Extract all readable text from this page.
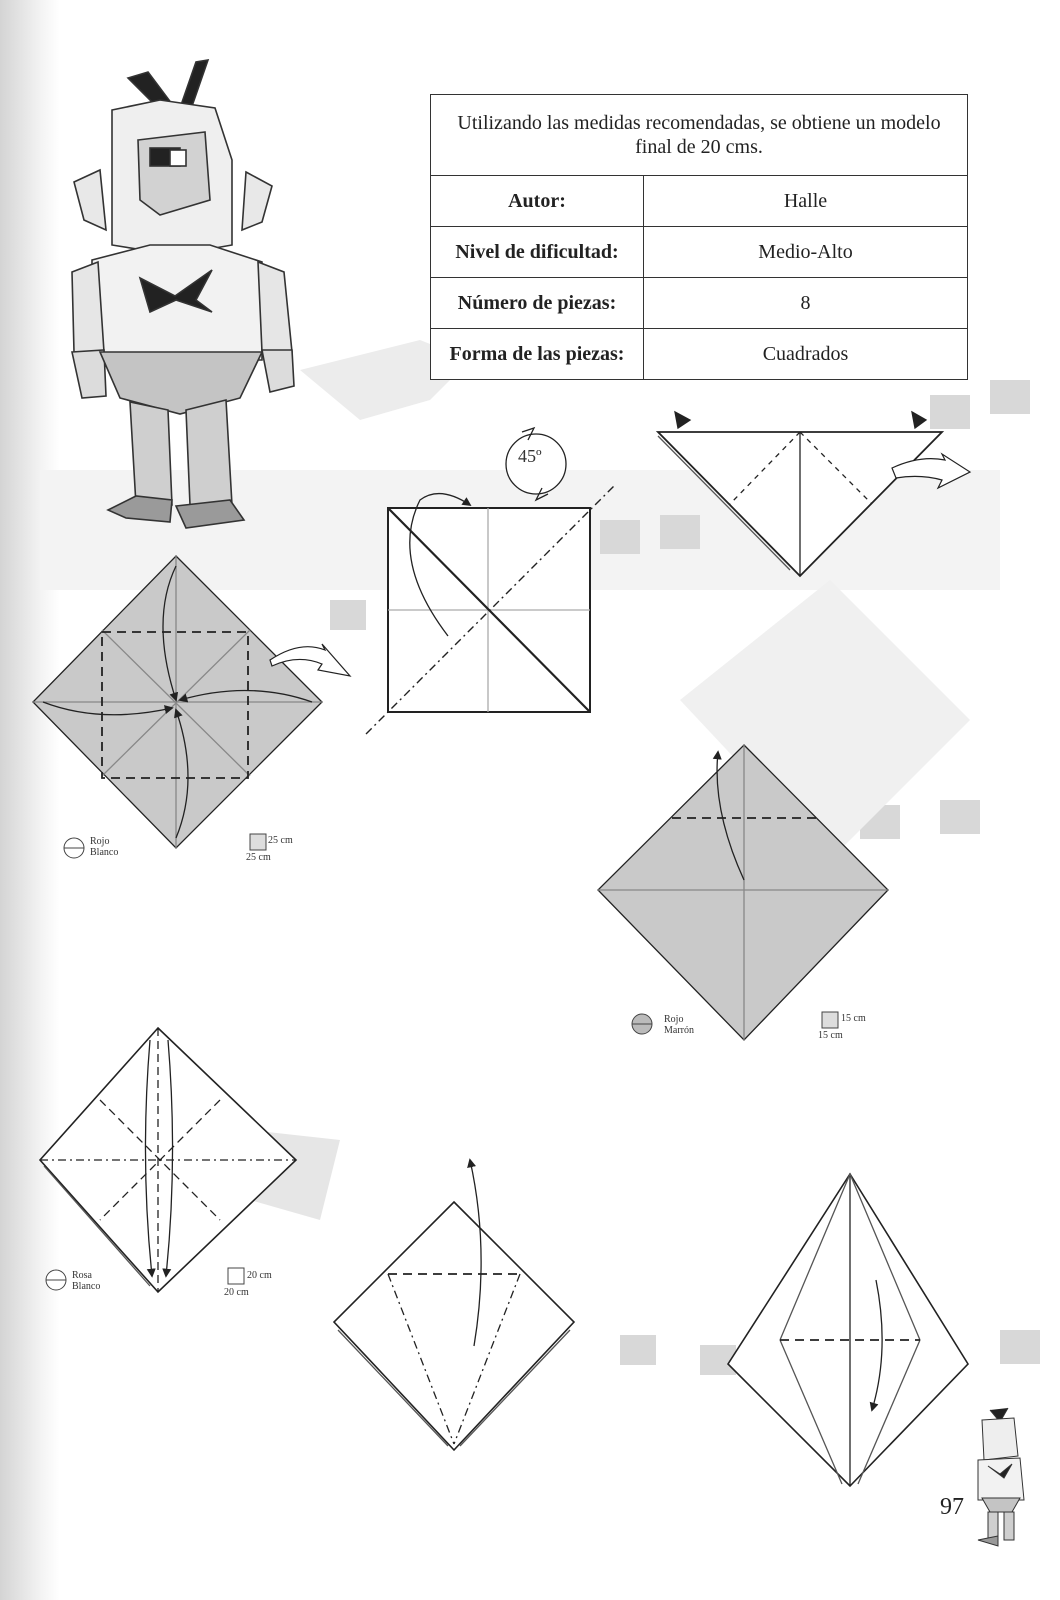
45º
Utilizando las medidas recomendadas, se obtiene un modelo final de 20 cms.	
Autor:	Halle
Nivel de dificultad:	Medio-Alto
Número de piezas:	8
Forma de las piezas:	Cuadrados
Rojo
Blanco
25 cm
25 cm
Rojo
Marrón
15 cm
15 cm
Rosa
Blanco
20 cm
20 cm
97
